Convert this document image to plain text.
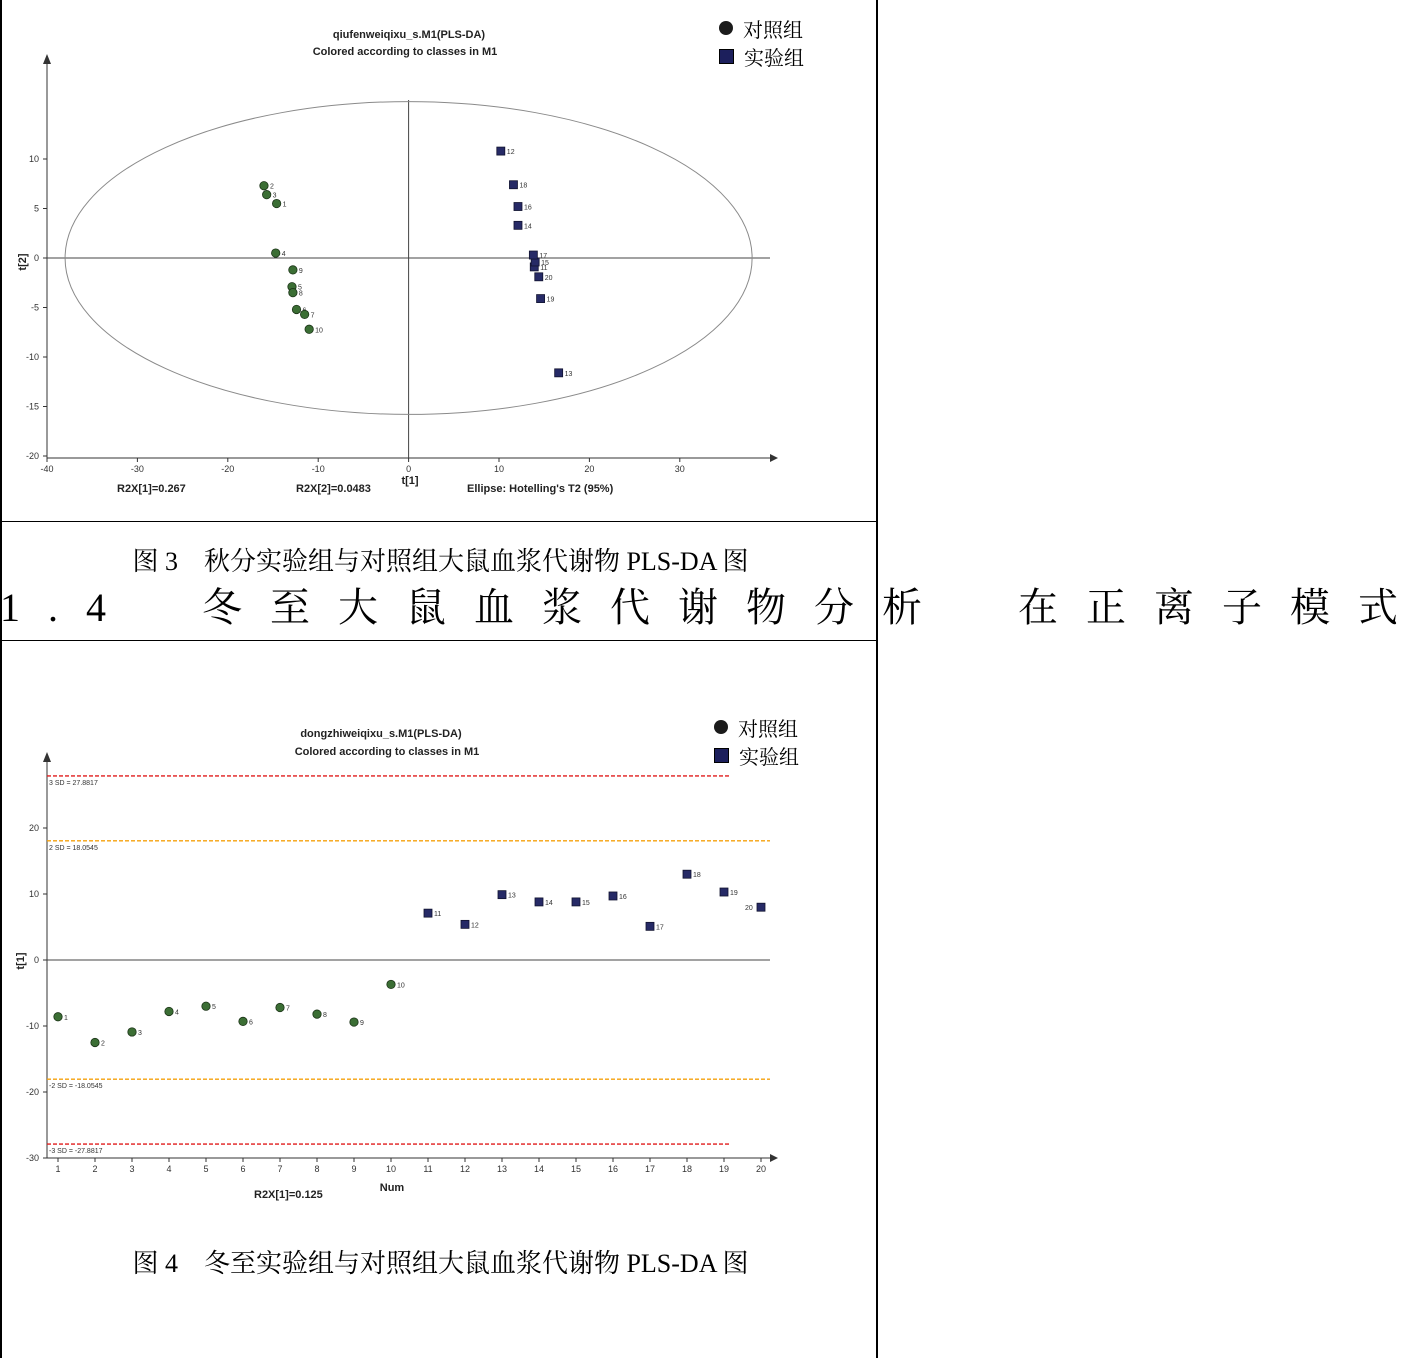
qiufenweiqixu_s.M1(PLS-DA)
Colored according to classes in M1
-40	-30	-20	-10	0	10	20	30
10
5
0
-5
-10
-15
-20
1
2
3
4
5
7
8
9
10
11
12
13
14
15
16
17
18
19
20
t[2]
t[1]
R2X[1]=0.267	R2X[2]=0.0483	Ellipse: Hotelling's T2 (95%)
对照组
实验组
图 3　秋分实验组与对照组大鼠血浆代谢物 PLS-DA 图
1.4　冬至大鼠血浆代谢物分析　在正离子模式
dongzhiweiqixu_s.M1(PLS-DA)
Colored according to classes in M1
3 SD = 27.8817
2 SD = 18.0545
-2 SD = -18.0545
-3 SD = -27.8817
20
10
0
-10
-20
-30
1	2	3	4	5	6	7	8	9	10	11	12	13	14	15	16	17	18	19	20
1
2
3
4
5
6
7
8
9
10
11
12
13
14	15
16
17
18
19
20
t[1]
Num
R2X[1]=0.125
对照组
实验组
图 4　冬至实验组与对照组大鼠血浆代谢物 PLS-DA 图
